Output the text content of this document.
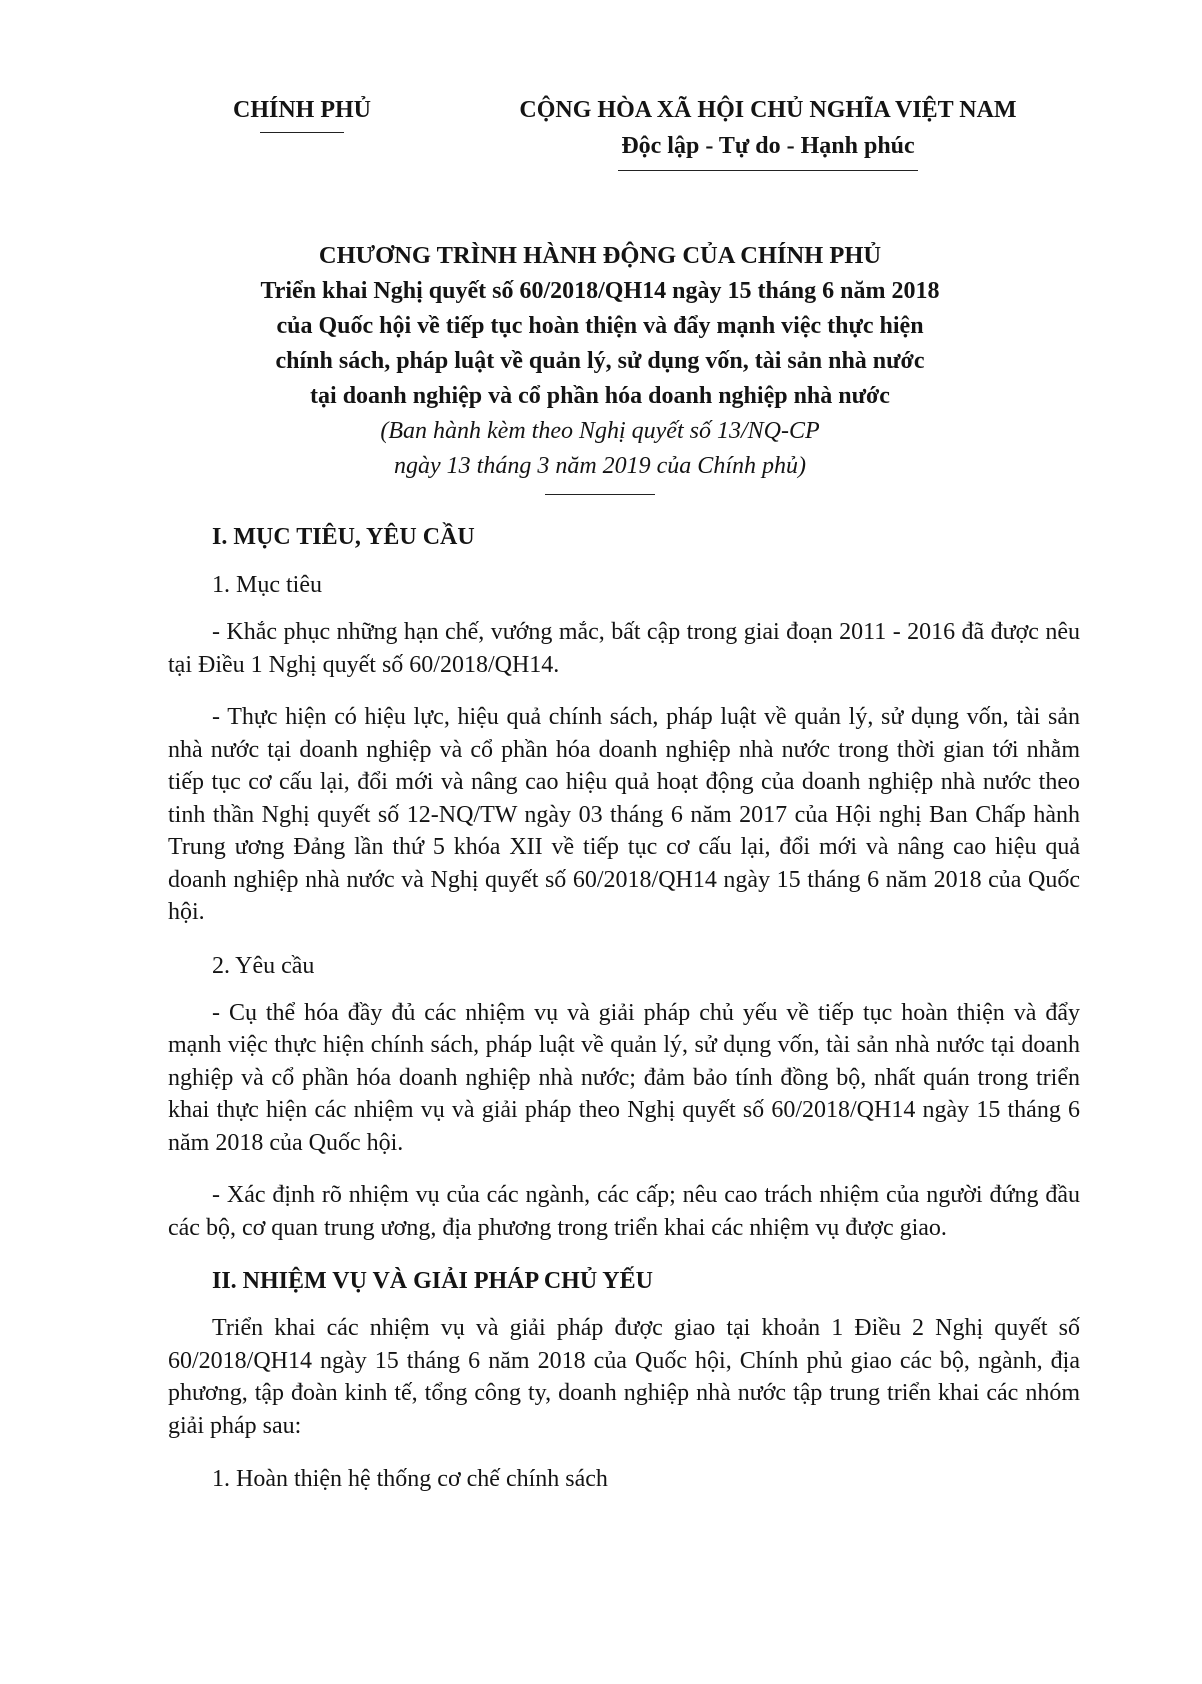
CHÍNH PHỦ	CỘNG HÒA XÃ HỘI CHỦ NGHĨA VIỆT NAM
Độc lập - Tự do - Hạnh phúc
CHƯƠNG TRÌNH HÀNH ĐỘNG CỦA CHÍNH PHỦ
Triển khai Nghị quyết số 60/2018/QH14 ngày 15 tháng 6 năm 2018
của Quốc hội về tiếp tục hoàn thiện và đẩy mạnh việc thực hiện
chính sách, pháp luật về quản lý, sử dụng vốn, tài sản nhà nước
tại doanh nghiệp và cổ phần hóa doanh nghiệp nhà nước
(Ban hành kèm theo Nghị quyết số 13/NQ-CP
ngày 13 tháng 3 năm 2019 của Chính phủ)
I. MỤC TIÊU, YÊU CẦU
1. Mục tiêu

- Khắc phục những hạn chế, vướng mắc, bất cập trong giai đoạn 2011 - 2016 đã được nêu tại Điều 1 Nghị quyết số 60/2018/QH14.

- Thực hiện có hiệu lực, hiệu quả chính sách, pháp luật về quản lý, sử dụng vốn, tài sản nhà nước tại doanh nghiệp và cổ phần hóa doanh nghiệp nhà nước trong thời gian tới nhằm tiếp tục cơ cấu lại, đổi mới và nâng cao hiệu quả hoạt động của doanh nghiệp nhà nước theo tinh thần Nghị quyết số 12-NQ/TW ngày 03 tháng 6 năm 2017 của Hội nghị Ban Chấp hành Trung ương Đảng lần thứ 5 khóa XII về tiếp tục cơ cấu lại, đổi mới và nâng cao hiệu quả doanh nghiệp nhà nước và Nghị quyết số 60/2018/QH14 ngày 15 tháng 6 năm 2018 của Quốc hội.

2. Yêu cầu

- Cụ thể hóa đầy đủ các nhiệm vụ và giải pháp chủ yếu về tiếp tục hoàn thiện và đẩy mạnh việc thực hiện chính sách, pháp luật về quản lý, sử dụng vốn, tài sản nhà nước tại doanh nghiệp và cổ phần hóa doanh nghiệp nhà nước; đảm bảo tính đồng bộ, nhất quán trong triển khai thực hiện các nhiệm vụ và giải pháp theo Nghị quyết số 60/2018/QH14 ngày 15 tháng 6 năm 2018 của Quốc hội.

- Xác định rõ nhiệm vụ của các ngành, các cấp; nêu cao trách nhiệm của người đứng đầu các bộ, cơ quan trung ương, địa phương trong triển khai các nhiệm vụ được giao.

II. NHIỆM VỤ VÀ GIẢI PHÁP CHỦ YẾU

Triển khai các nhiệm vụ và giải pháp được giao tại khoản 1 Điều 2 Nghị quyết số 60/2018/QH14 ngày 15 tháng 6 năm 2018 của Quốc hội, Chính phủ giao các bộ, ngành, địa phương, tập đoàn kinh tế, tổng công ty, doanh nghiệp nhà nước tập trung triển khai các nhóm giải pháp sau:

1. Hoàn thiện hệ thống cơ chế chính sách
